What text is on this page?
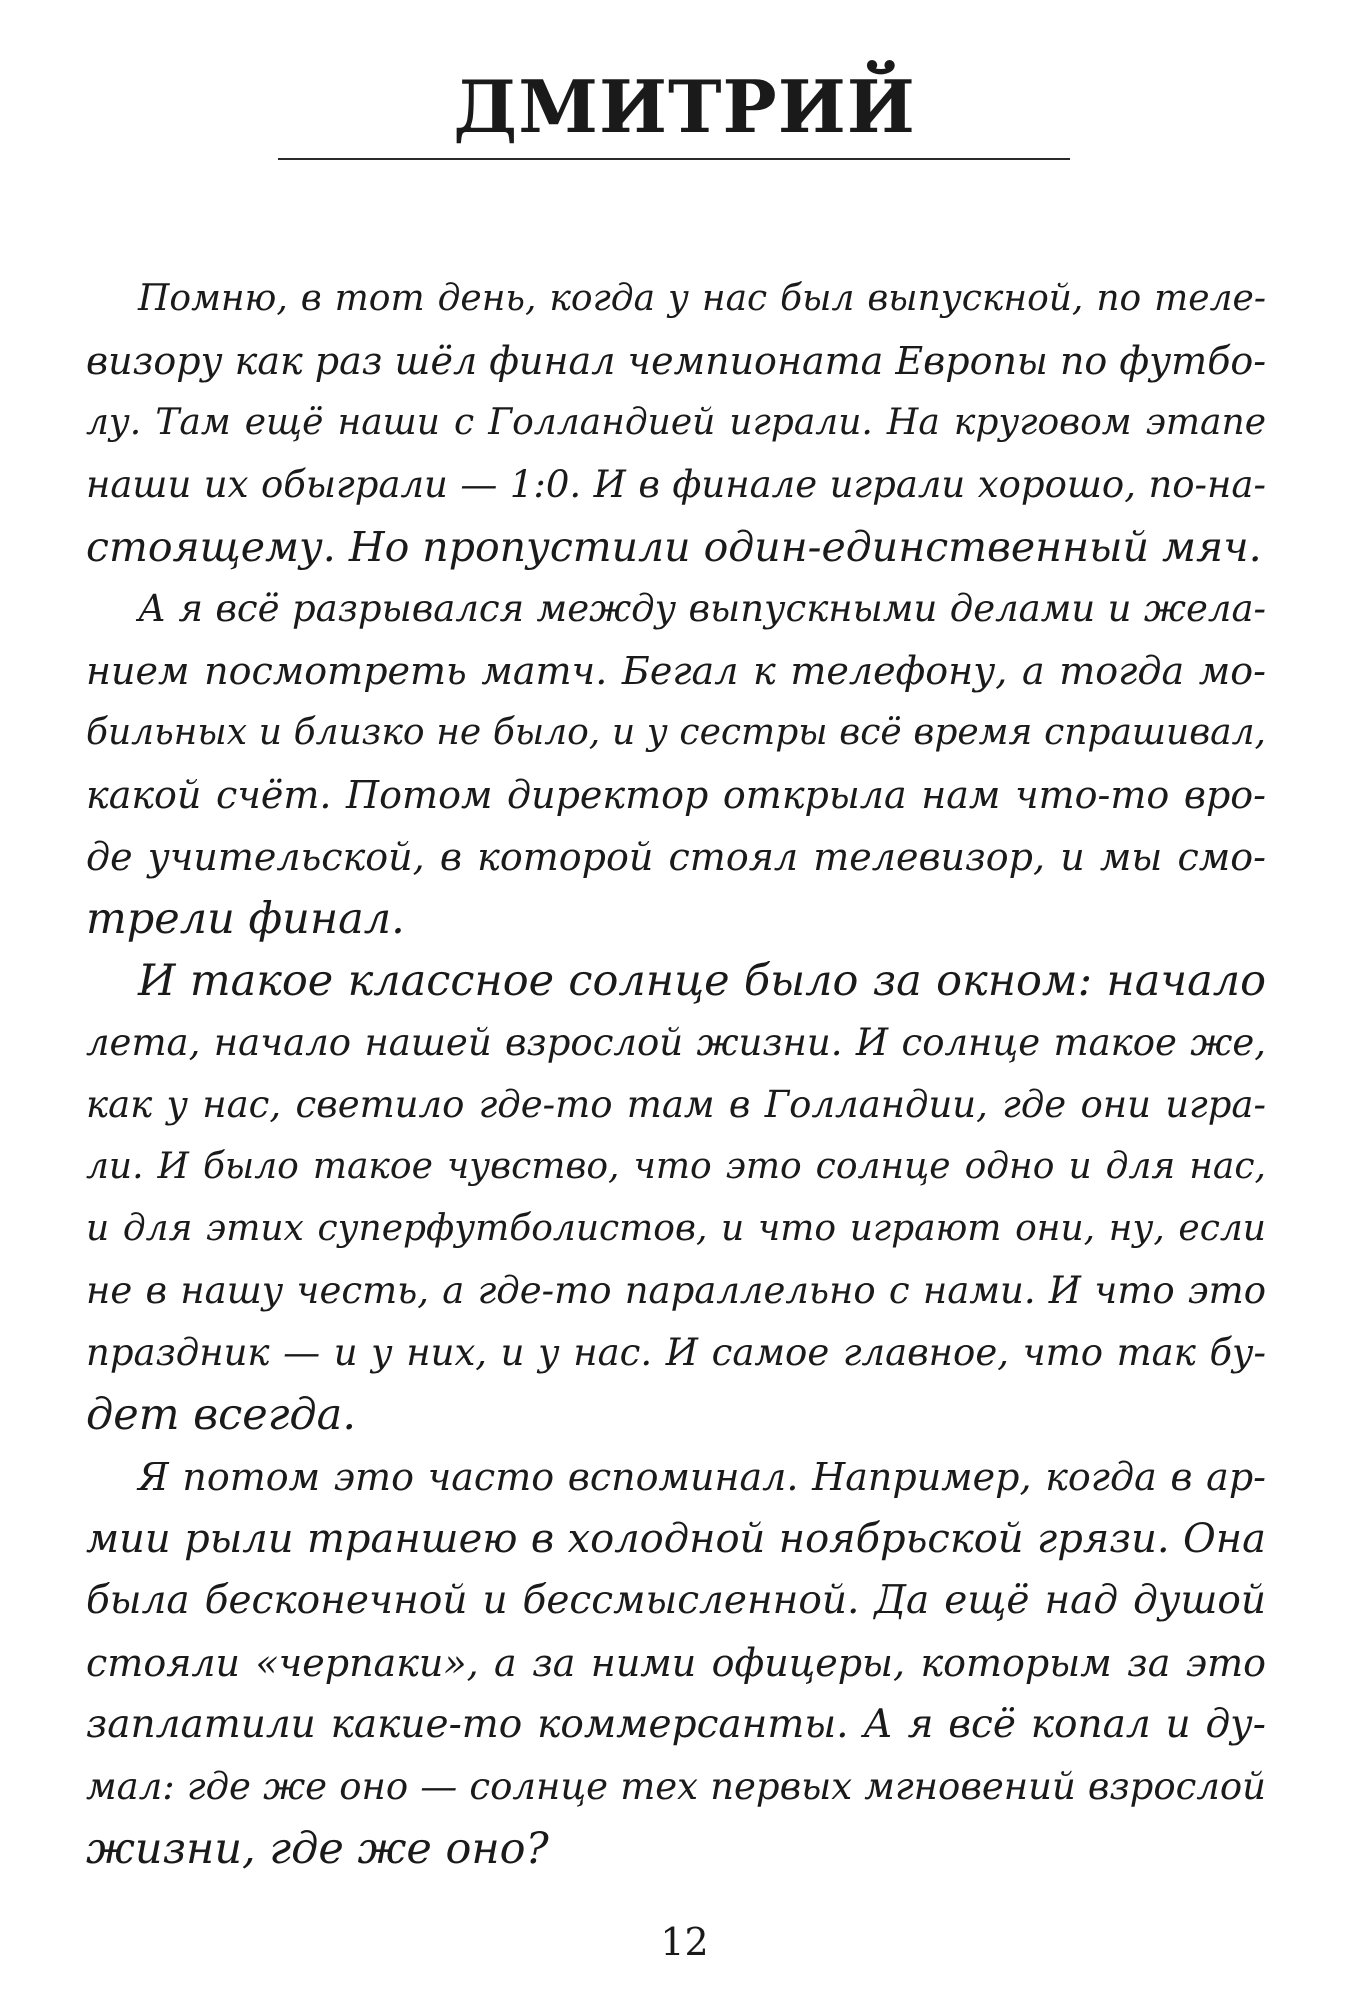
ДМИТРИЙ
Помню, в тот день, когда у нас был выпускной, по теле-
визору как раз шёл финал чемпионата Европы по футбо-
лу. Там ещё наши с Голландией играли. На круговом этапе
наши их обыграли — 1:0. И в финале играли хорошо, по-на-
стоящему. Но пропустили один-единственный мяч.
А я всё разрывался между выпускными делами и жела-
нием посмотреть матч. Бегал к телефону, а тогда мо-
бильных и близко не было, и у сестры всё время спрашивал,
какой счёт. Потом директор открыла нам что-то вро-
де учительской, в которой стоял телевизор, и мы смо-
трели финал.
И такое классное солнце было за окном: начало
лета, начало нашей взрослой жизни. И солнце такое же,
как у нас, светило где-то там в Голландии, где они игра-
ли. И было такое чувство, что это солнце одно и для нас,
и для этих суперфутболистов, и что играют они, ну, если
не в нашу честь, а где-то параллельно с нами. И что это
праздник — и у них, и у нас. И самое главное, что так бу-
дет всегда.
Я потом это часто вспоминал. Например, когда в ар-
мии рыли траншею в холодной ноябрьской грязи. Она
была бесконечной и бессмысленной. Да ещё над душой
стояли «черпаки», а за ними офицеры, которым за это
заплатили какие-то коммерсанты. А я всё копал и ду-
мал: где же оно — солнце тех первых мгновений взрослой
жизни, где же оно?
12
